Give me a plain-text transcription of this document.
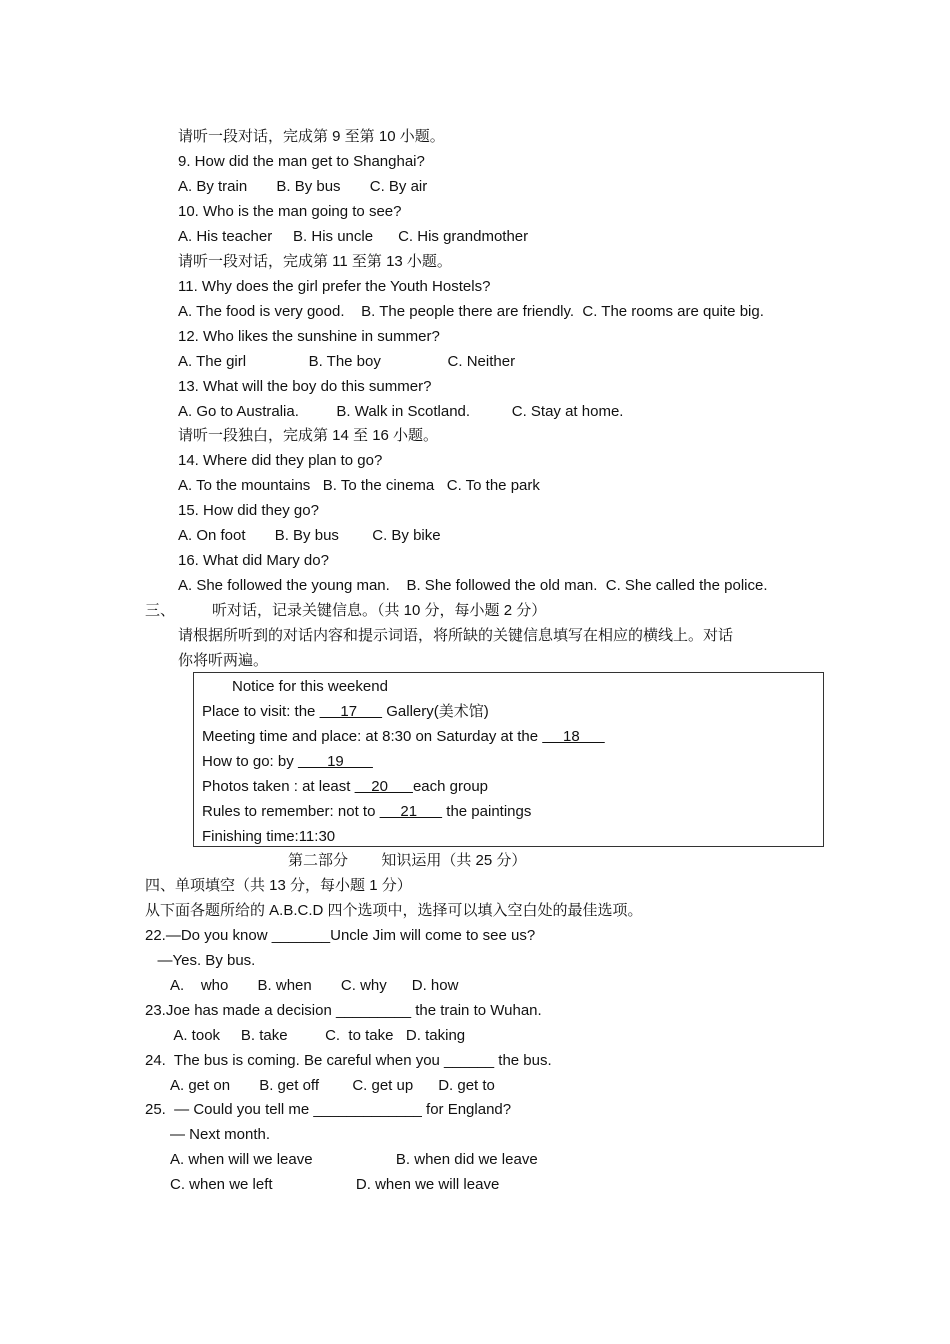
请听一段对话，完成第 9 至第 10 小题。
9. How did the man get to Shanghai?
A. By train       B. By bus       C. By air
10. Who is the man going to see?
A. His teacher     B. His uncle      C. His grandmother
请听一段对话，完成第 11 至第 13 小题。
11. Why does the girl prefer the Youth Hostels?
A. The food is very good.    B. The people there are friendly.  C. The rooms are quite big.
12. Who likes the sunshine in summer?
A. The girl               B. The boy                C. Neither
13. What will the boy do this summer?
A. Go to Australia.         B. Walk in Scotland.          C. Stay at home.
请听一段独白，完成第 14 至 16 小题。
14. Where did they plan to go?
A. To the mountains   B. To the cinema   C. To the park
15. How did they go?
A. On foot       B. By bus        C. By bike
16. What did Mary do?
A. She followed the young man.    B. She followed the old man.  C. She called the police.
三、 听对话，记录关键信息。（共 10 分，每小题 2 分）
请根据所听到的对话内容和提示词语，将所缺的关键信息填写在相应的横线上。对话
你将听两遍。
Notice for this weekend
Place to visit: the      17       Gallery(美术馆)
Meeting time and place: at 8:30 on Saturday at the      18
How to go: by        19
Photos taken : at least     20      each group
Rules to remember: not to      21       the paintings
Finishing time:11:30
第二部分        知识运用（共 25 分）
四、单项填空（共 13 分，每小题 1 分）
从下面各题所给的 A.B.C.D 四个选项中，选择可以填入空白处的最佳选项。
22.—Do you know _______Uncle Jim will come to see us?
—Yes. By bus.
A.    who       B. when       C. why      D. how
23.Joe has made a decision _________ the train to Wuhan.
A. took     B. take         C.  to take   D. taking
24.  The bus is coming. Be careful when you ______ the bus.
A. get on       B. get off        C. get up      D. get to
25.  — Could you tell me _____________ for England?
— Next month.
A. when will we leave                    B. when did we leave
C. when we left                    D. when we will leave
